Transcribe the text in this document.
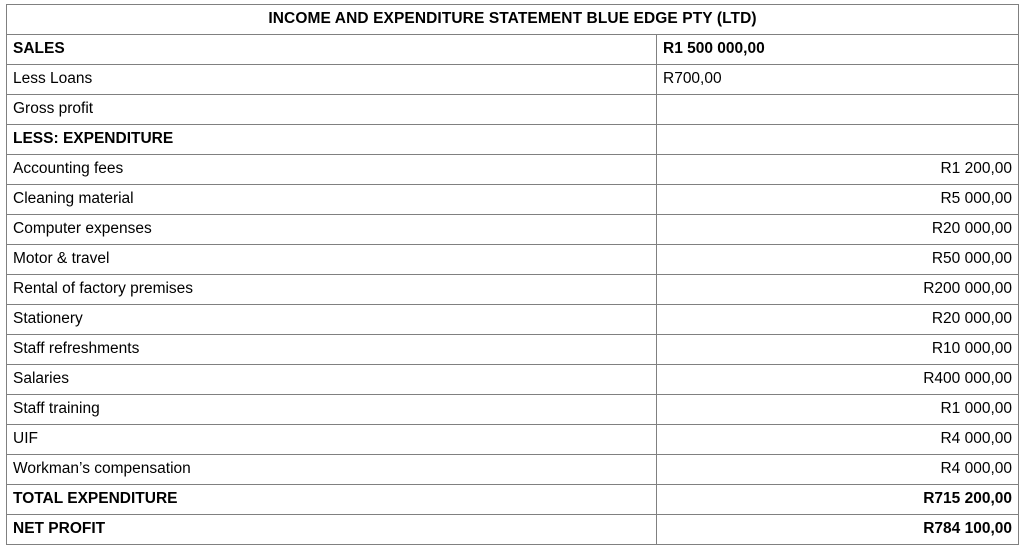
INCOME AND EXPENDITURE STATEMENT BLUE EDGE PTY (LTD)	
SALES	R1 500 000,00
Less Loans	R700,00
Gross profit	
LESS: EXPENDITURE	
Accounting fees	R1 200,00
Cleaning material	R5 000,00
Computer expenses	R20 000,00
Motor & travel	R50 000,00
Rental of factory premises	R200 000,00
Stationery	R20 000,00
Staff refreshments	R10 000,00
Salaries	R400 000,00
Staff training	R1 000,00
UIF	R4 000,00
Workman’s compensation	R4 000,00
TOTAL EXPENDITURE	R715 200,00
NET PROFIT	R784 100,00
